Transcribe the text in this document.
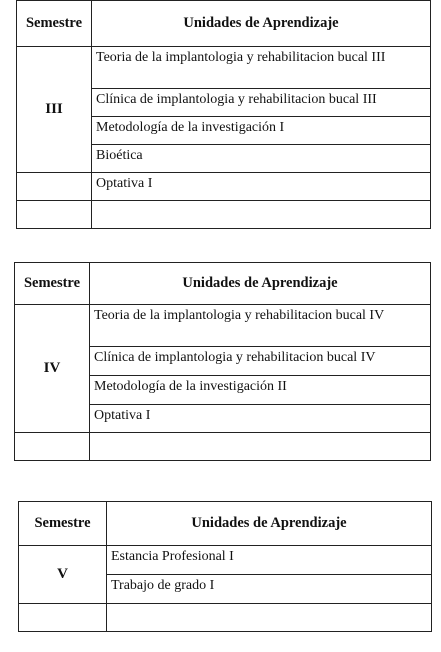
Semestre	Unidades de Aprendizaje
III	Teoria de la implantologia y rehabilitacion bucal III
	Clínica de implantologia y rehabilitacion bucal III
	Metodología de la investigación I
	Bioética
	Optativa I

Semestre	Unidades de Aprendizaje
IV	Teoria de la implantologia y rehabilitacion bucal IV
	Clínica de implantologia y rehabilitacion bucal IV
	Metodología de la investigación II
	Optativa I

Semestre	Unidades de Aprendizaje
V	Estancia Profesional I
	Trabajo de grado I
